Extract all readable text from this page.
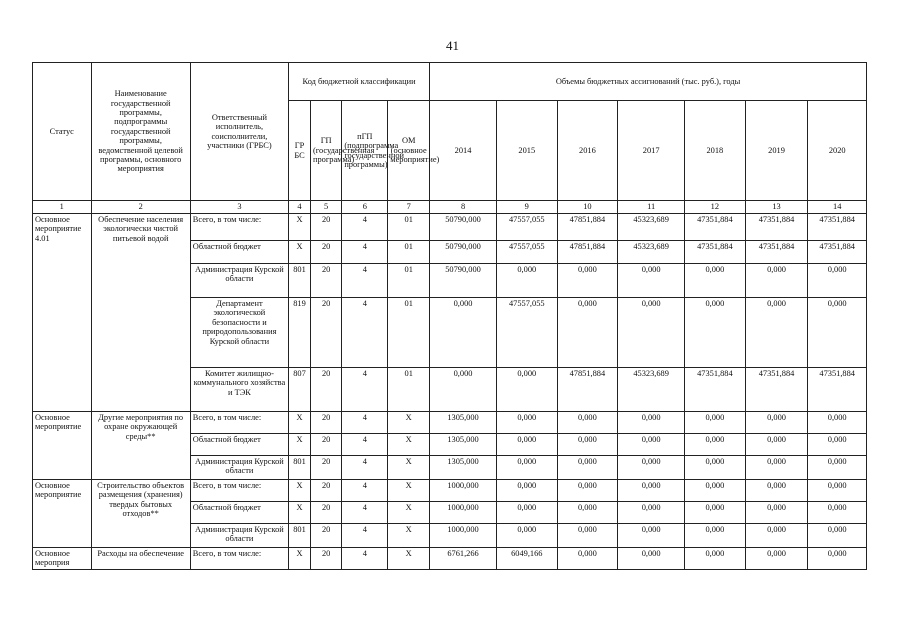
41
Статус	Наименование государственной программы, подпрограммы государственной программы, ведомственной целевой программы, основного мероприятия	Ответственный исполнитель, соисполнители, участники (ГРБС)	Код бюджетной классификации				Объемы бюджетных ассигнований (тыс. руб.), годы						
			ГР БС	ГП (государственная программа)	пГП (подпрограмма государственной программы)	ОМ (основное мероприятие)	2014	2015	2016	2017	2018	2019	2020
1	2	3	4	5	6	7	8	9	10	11	12	13	14
Основное мероприятие 4.01	Обеспечение населения экологически чистой питьевой водой	Всего, в том числе:	X	20	4	01	50790,000	47557,055	47851,884	45323,689	47351,884	47351,884	47351,884
		Областной бюджет	X	20	4	01	50790,000	47557,055	47851,884	45323,689	47351,884	47351,884	47351,884
		Администрация Курской области	801	20	4	01	50790,000	0,000	0,000	0,000	0,000	0,000	0,000
		Департамент экологической безопасности и природопользования Курской области	819	20	4	01	0,000	47557,055	0,000	0,000	0,000	0,000	0,000
		Комитет жилищно-коммунального хозяйства и ТЭК	807	20	4	01	0,000	0,000	47851,884	45323,689	47351,884	47351,884	47351,884
Основное мероприятие	Другие мероприятия по охране окружающей среды**	Всего, в том числе:	X	20	4	X	1305,000	0,000	0,000	0,000	0,000	0,000	0,000
		Областной бюджет	X	20	4	X	1305,000	0,000	0,000	0,000	0,000	0,000	0,000
		Администрация Курской области	801	20	4	X	1305,000	0,000	0,000	0,000	0,000	0,000	0,000
Основное мероприятие	Строительство объектов размещения (хранения) твердых бытовых отходов**	Всего, в том числе:	X	20	4	X	1000,000	0,000	0,000	0,000	0,000	0,000	0,000
		Областной бюджет	X	20	4	X	1000,000	0,000	0,000	0,000	0,000	0,000	0,000
		Администрация Курской области	801	20	4	X	1000,000	0,000	0,000	0,000	0,000	0,000	0,000
Основное мероприя	Расходы на обеспечение	Всего, в том числе:	X	20	4	X	6761,266	6049,166	0,000	0,000	0,000	0,000	0,000
